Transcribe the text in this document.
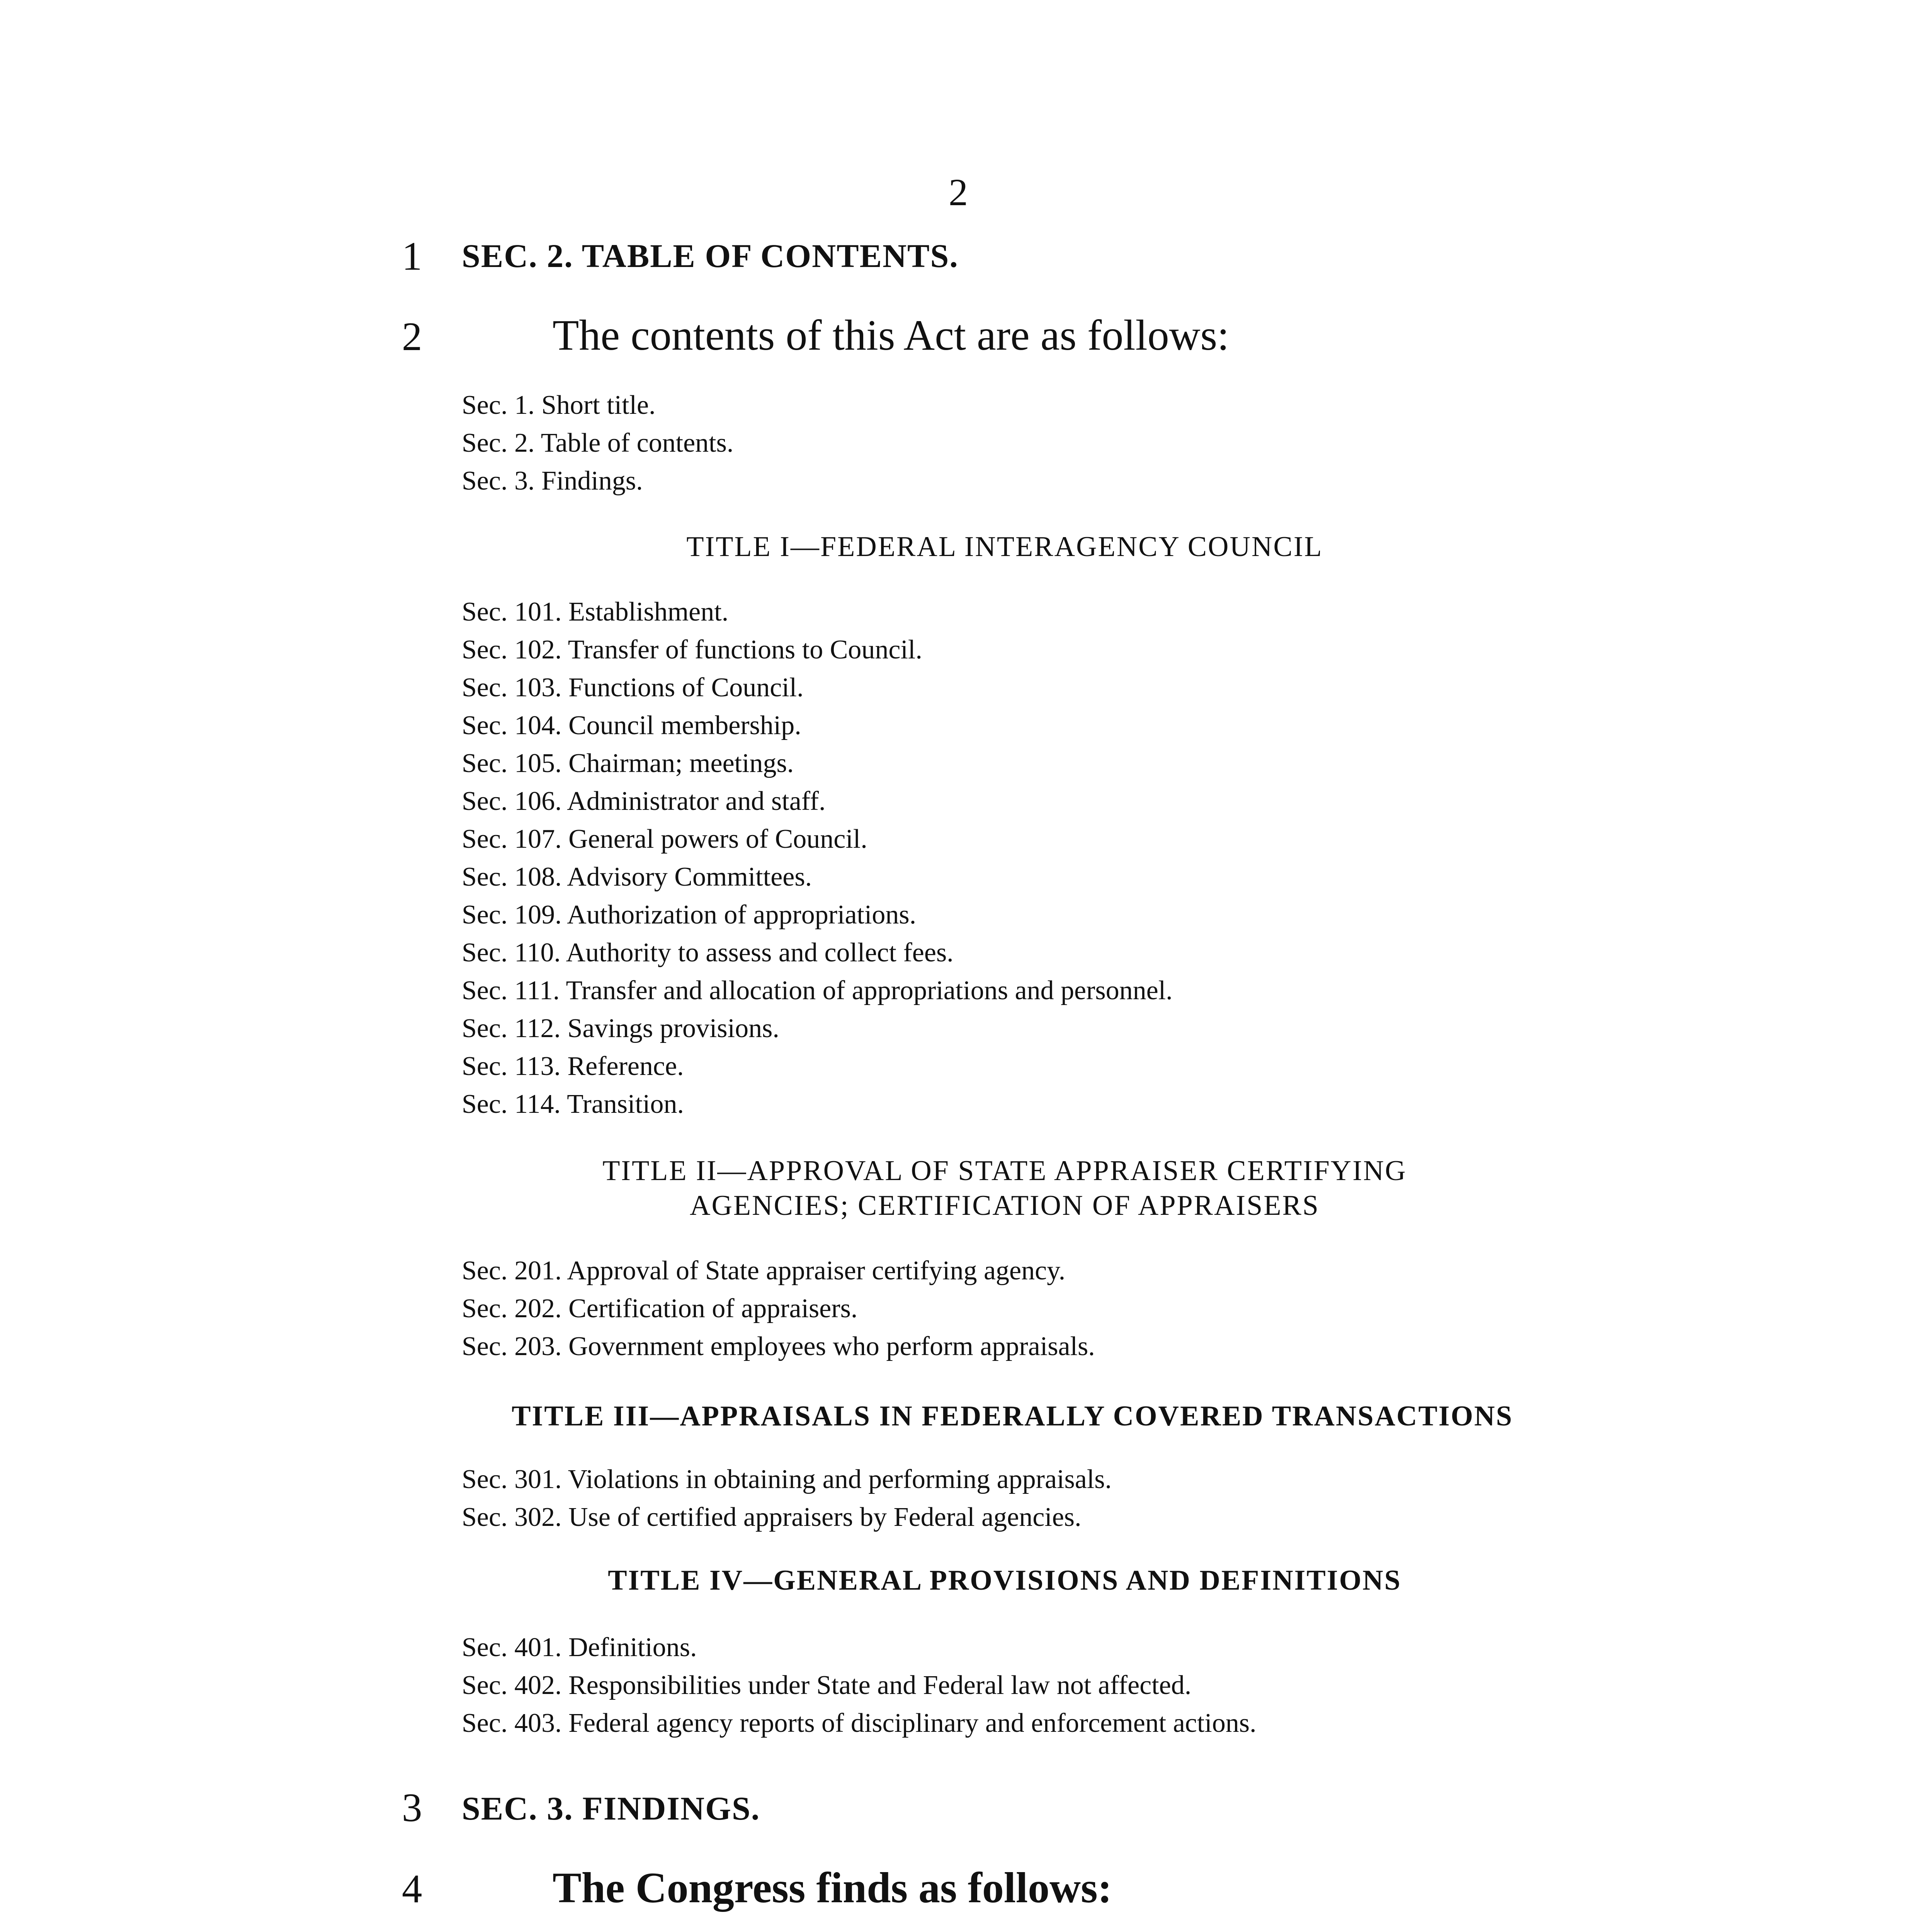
2
1	SEC. 2. TABLE OF CONTENTS.
2	The contents of this Act are as follows:
Sec. 1. Short title.
Sec. 2. Table of contents.
Sec. 3. Findings.
TITLE I—FEDERAL INTERAGENCY COUNCIL
Sec. 101. Establishment.
Sec. 102. Transfer of functions to Council.
Sec. 103. Functions of Council.
Sec. 104. Council membership.
Sec. 105. Chairman; meetings.
Sec. 106. Administrator and staff.
Sec. 107. General powers of Council.
Sec. 108. Advisory Committees.
Sec. 109. Authorization of appropriations.
Sec. 110. Authority to assess and collect fees.
Sec. 111. Transfer and allocation of appropriations and personnel.
Sec. 112. Savings provisions.
Sec. 113. Reference.
Sec. 114. Transition.
TITLE II—APPROVAL OF STATE APPRAISER CERTIFYING
AGENCIES; CERTIFICATION OF APPRAISERS
Sec. 201. Approval of State appraiser certifying agency.
Sec. 202. Certification of appraisers.
Sec. 203. Government employees who perform appraisals.
TITLE III—APPRAISALS IN FEDERALLY COVERED TRANSACTIONS
Sec. 301. Violations in obtaining and performing appraisals.
Sec. 302. Use of certified appraisers by Federal agencies.
TITLE IV—GENERAL PROVISIONS AND DEFINITIONS
Sec. 401. Definitions.
Sec. 402. Responsibilities under State and Federal law not affected.
Sec. 403. Federal agency reports of disciplinary and enforcement actions.
3	SEC. 3. FINDINGS.
4	The Congress finds as follows:
